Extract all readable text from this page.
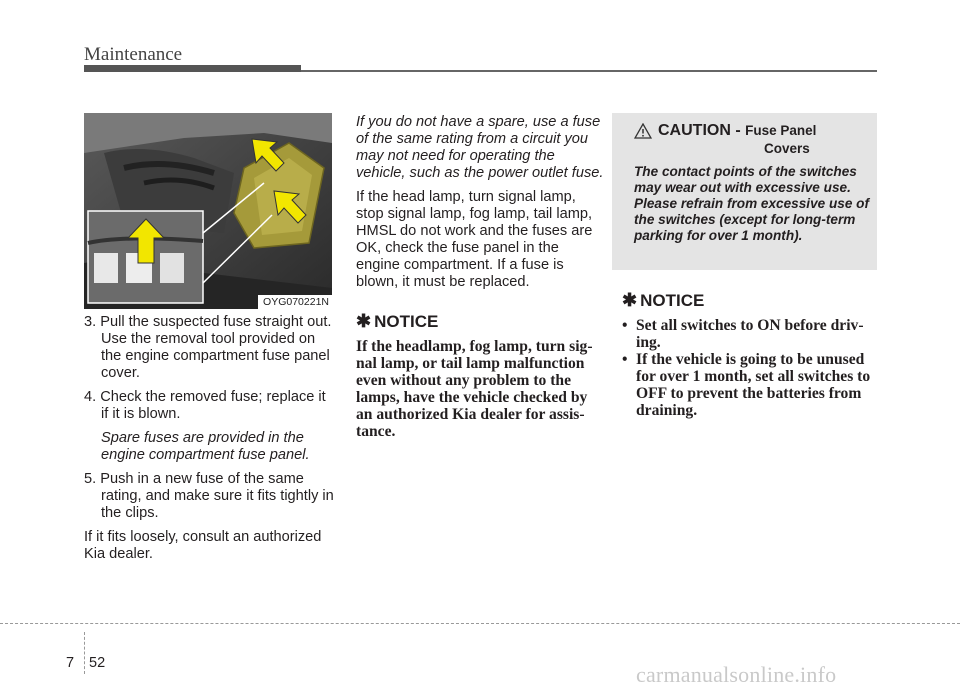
Maintenance
OYG070221N

3. Pull the suspected fuse straight out. Use the removal tool provided on the engine compartment fuse panel cover.

4. Check the removed fuse; replace it if it is blown.

Spare fuses are provided in the engine compartment fuse panel.

5. Push in a new fuse of the same rating, and make sure it fits tightly in the clips.

If it fits loosely, consult an authorized Kia dealer.

If you do not have a spare, use a fuse of the same rating from a circuit you may not need for operating the vehicle, such as the power outlet fuse.

If the head lamp, turn signal lamp, stop signal lamp, fog lamp, tail lamp, HMSL do not work and the fuses are OK, check the fuse panel in the engine compartment. If a fuse is blown, it must be replaced.

✱ NOTICE

If the headlamp, fog lamp, turn sig-nal lamp, or tail lamp malfunction even without any problem to the lamps, have the vehicle checked by an authorized Kia dealer for assis-tance.

CAUTION - Fuse Panel
Covers
The contact points of the switches may wear out with excessive use. Please refrain from excessive use of the switches (except for long-term parking for over 1 month).
✱ NOTICE
• Set all switches to ON before driv-ing.
• If the vehicle is going to be unused for over 1 month, set all switches to OFF to prevent the batteries from draining.
7 52	carmanualsonline.info
